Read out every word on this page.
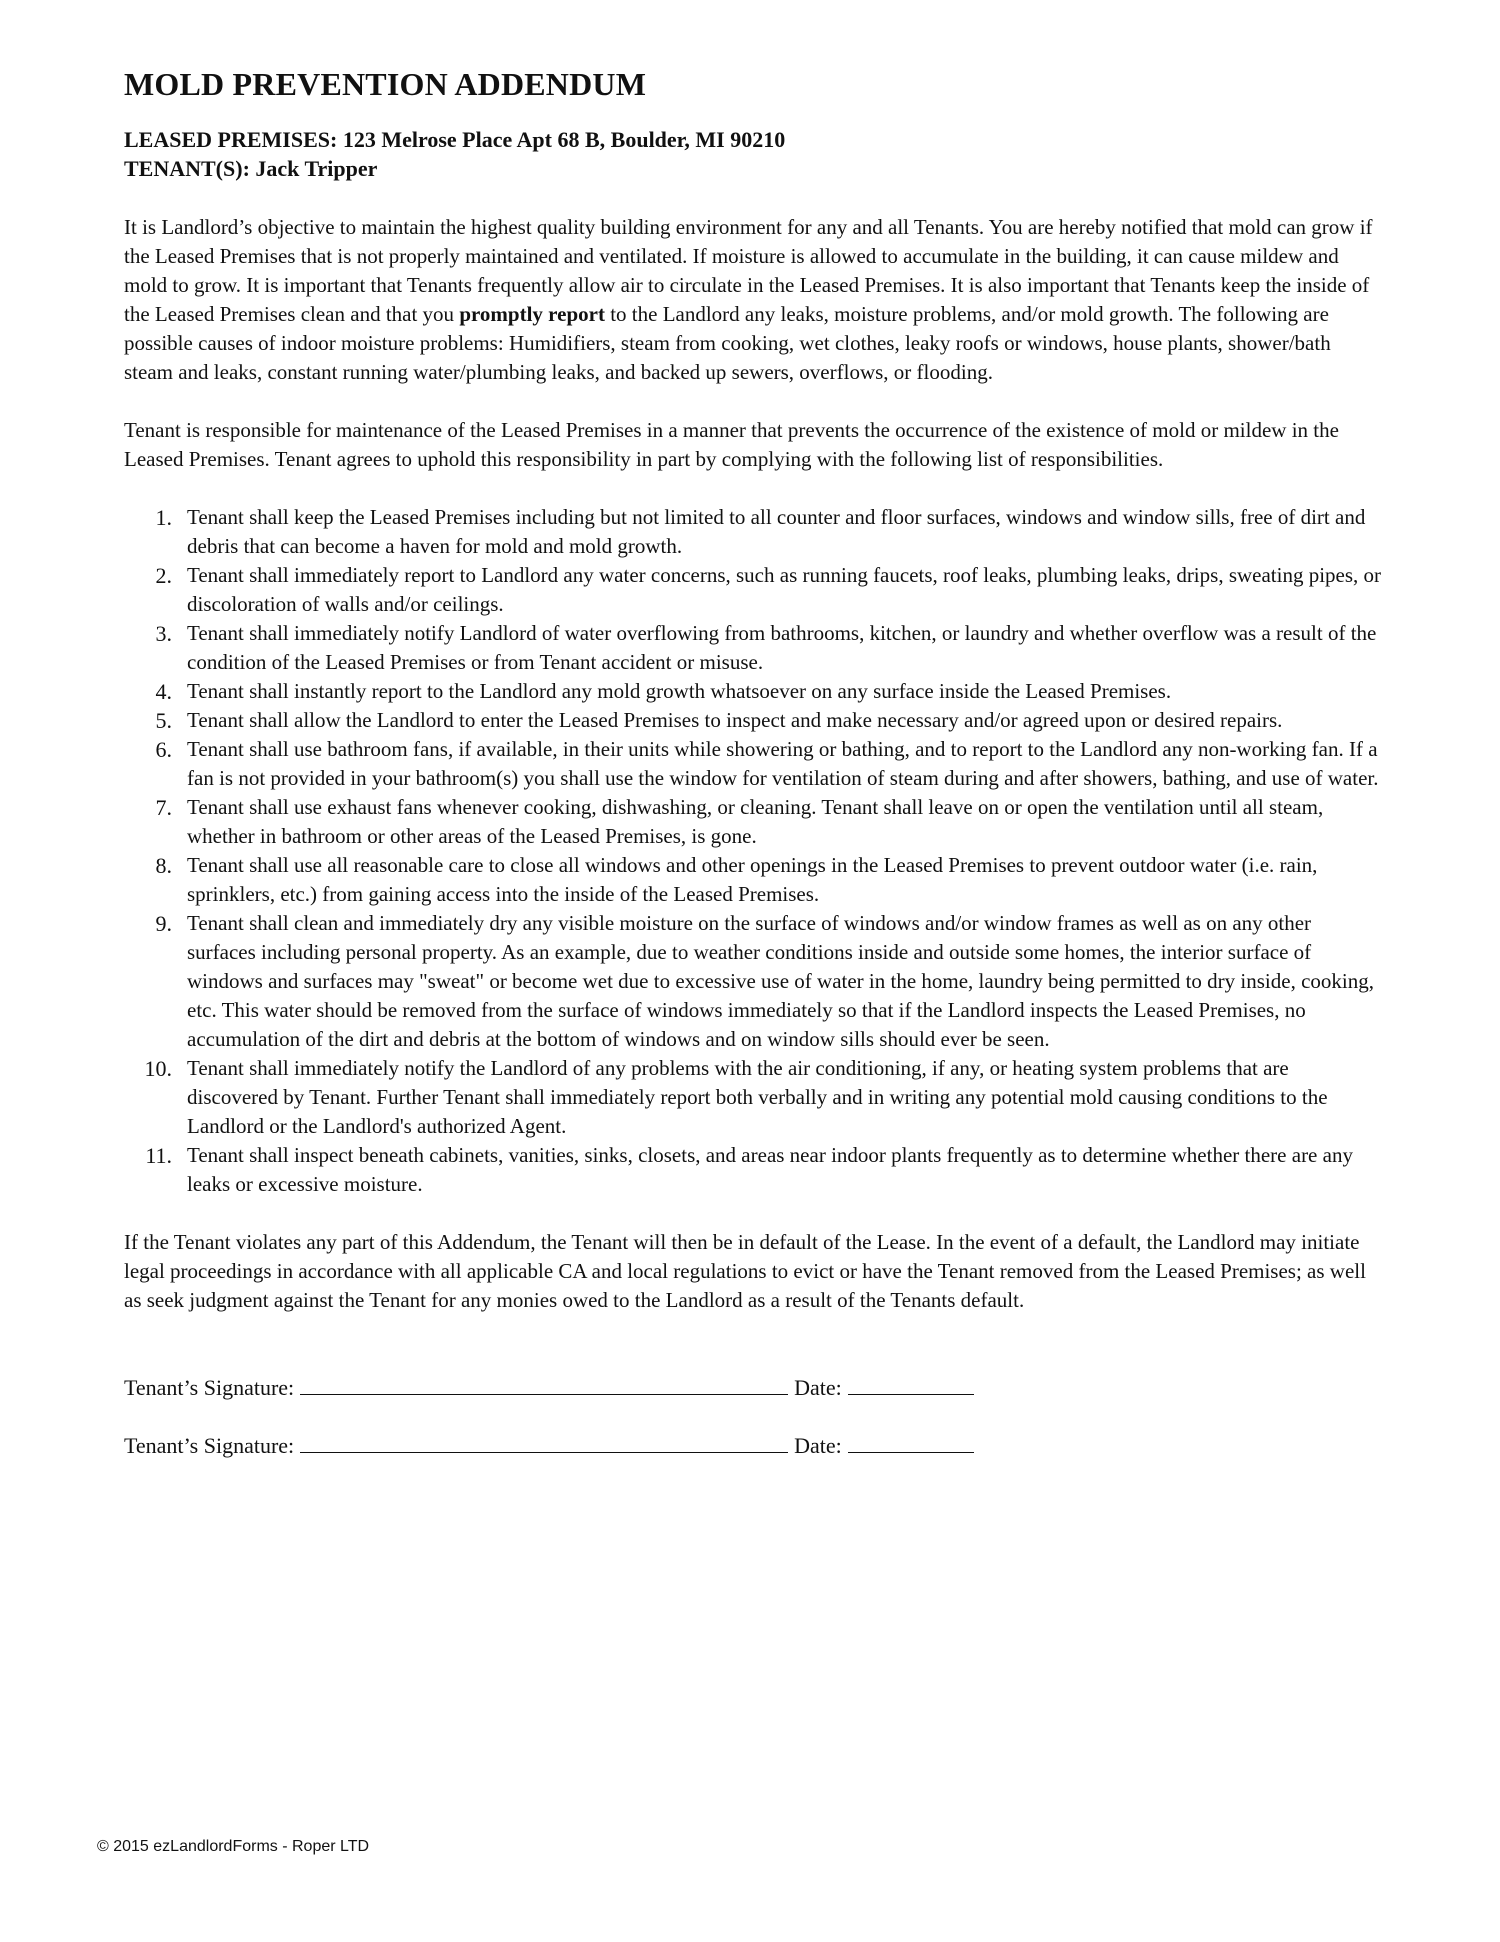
MOLD PREVENTION ADDENDUM

LEASED PREMISES: 123 Melrose Place Apt 68 B, Boulder, MI 90210

TENANT(S): Jack Tripper

It is Landlord’s objective to maintain the highest quality building environment for any and all Tenants. You are hereby notified that mold can grow if the Leased Premises that is not properly maintained and ventilated. If moisture is allowed to accumulate in the building, it can cause mildew and mold to grow. It is important that Tenants frequently allow air to circulate in the Leased Premises. It is also important that Tenants keep the inside of the Leased Premises clean and that you promptly report to the Landlord any leaks, moisture problems, and/or mold growth. The following are possible causes of indoor moisture problems: Humidifiers, steam from cooking, wet clothes, leaky roofs or windows, house plants, shower/bath steam and leaks, constant running water/plumbing leaks, and backed up sewers, overflows, or flooding.

Tenant is responsible for maintenance of the Leased Premises in a manner that prevents the occurrence of the existence of mold or mildew in the Leased Premises. Tenant agrees to uphold this responsibility in part by complying with the following list of responsibilities.

1. Tenant shall keep the Leased Premises including but not limited to all counter and floor surfaces, windows and window sills, free of dirt and debris that can become a haven for mold and mold growth.
2. Tenant shall immediately report to Landlord any water concerns, such as running faucets, roof leaks, plumbing leaks, drips, sweating pipes, or discoloration of walls and/or ceilings.
3. Tenant shall immediately notify Landlord of water overflowing from bathrooms, kitchen, or laundry and whether overflow was a result of the condition of the Leased Premises or from Tenant accident or misuse.
4. Tenant shall instantly report to the Landlord any mold growth whatsoever on any surface inside the Leased Premises.
5. Tenant shall allow the Landlord to enter the Leased Premises to inspect and make necessary and/or agreed upon or desired repairs.
6. Tenant shall use bathroom fans, if available, in their units while showering or bathing, and to report to the Landlord any non-working fan. If a fan is not provided in your bathroom(s) you shall use the window for ventilation of steam during and after showers, bathing, and use of water.
7. Tenant shall use exhaust fans whenever cooking, dishwashing, or cleaning. Tenant shall leave on or open the ventilation until all steam, whether in bathroom or other areas of the Leased Premises, is gone.
8. Tenant shall use all reasonable care to close all windows and other openings in the Leased Premises to prevent outdoor water (i.e. rain, sprinklers, etc.) from gaining access into the inside of the Leased Premises.
9. Tenant shall clean and immediately dry any visible moisture on the surface of windows and/or window frames as well as on any other surfaces including personal property. As an example, due to weather conditions inside and outside some homes, the interior surface of windows and surfaces may "sweat" or become wet due to excessive use of water in the home, laundry being permitted to dry inside, cooking, etc. This water should be removed from the surface of windows immediately so that if the Landlord inspects the Leased Premises, no accumulation of the dirt and debris at the bottom of windows and on window sills should ever be seen.
10. Tenant shall immediately notify the Landlord of any problems with the air conditioning, if any, or heating system problems that are discovered by Tenant. Further Tenant shall immediately report both verbally and in writing any potential mold causing conditions to the Landlord or the Landlord's authorized Agent.
11. Tenant shall inspect beneath cabinets, vanities, sinks, closets, and areas near indoor plants frequently as to determine whether there are any leaks or excessive moisture.

If the Tenant violates any part of this Addendum, the Tenant will then be in default of the Lease. In the event of a default, the Landlord may initiate legal proceedings in accordance with all applicable CA and local regulations to evict or have the Tenant removed from the Leased Premises; as well as seek judgment against the Tenant for any monies owed to the Landlord as a result of the Tenants default.

Tenant’s Signature:	Date:
Tenant’s Signature:	Date:
© 2015 ezLandlordForms - Roper LTD
